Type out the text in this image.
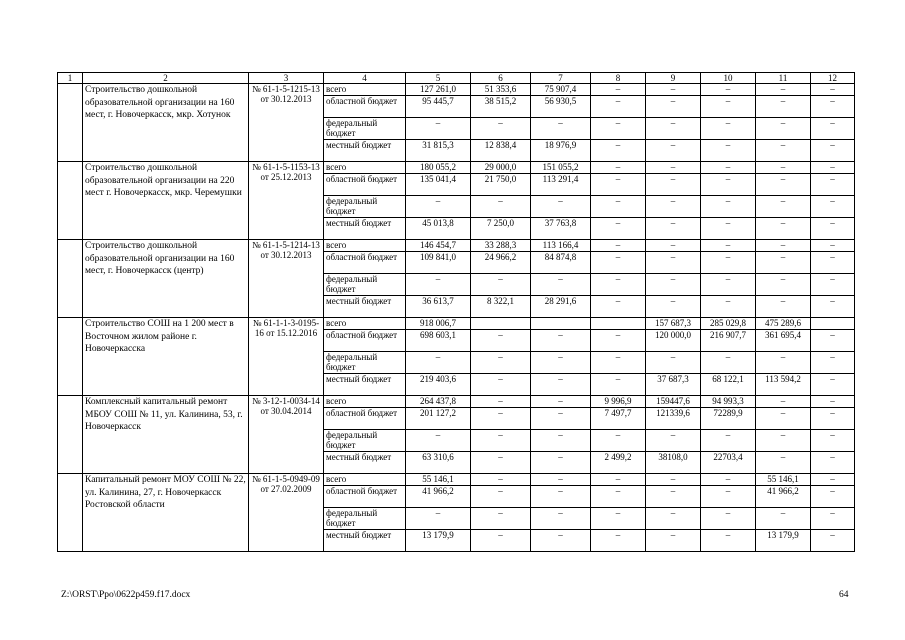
1	2	3	4	5	6	7	8	9	10	11	12
	Строительство дошкольной образовательной организации на 160 мест, г. Новочеркасск, мкр. Хотунок	№ 61-1-5-1215-13 от 30.12.2013	всего	127 261,0	51 353,6	75 907,4	–	–	–	–	–
			областной бюджет	95 445,7	38 515,2	56 930,5	–	–	–	–	–
			федеральный бюджет	–	–	–	–	–	–	–	–
			местный бюджет	31 815,3	12 838,4	18 976,9	–	–	–	–	–
	Строительство дошкольной образовательной организации на 220 мест г. Новочеркасск, мкр. Черемушки	№ 61-1-5-1153-13 от 25.12.2013	всего	180 055,2	29 000,0	151 055,2	–	–	–	–	–
			областной бюджет	135 041,4	21 750,0	113 291,4	–	–	–	–	–
			федеральный бюджет	–	–	–	–	–	–	–	–
			местный бюджет	45 013,8	7 250,0	37 763,8	–	–	–	–	–
	Строительство дошкольной образовательной организации на 160 мест, г. Новочеркасск (центр)	№ 61-1-5-1214-13 от 30.12.2013	всего	146 454,7	33 288,3	113 166,4	–	–	–	–	–
			областной бюджет	109 841,0	24 966,2	84 874,8	–	–	–	–	–
			федеральный бюджет	–	–	–	–	–	–	–	–
			местный бюджет	36 613,7	8 322,1	28 291,6	–	–	–	–	–
	Строительство СОШ на 1 200 мест в Восточном жилом районе г. Новочеркасска	№ 61-1-1-3-0195-16 от 15.12.2016	всего	918 006,7				157 687,3	285 029,8	475 289,6	
			областной бюджет	698 603,1	–	–	–	120 000,0	216 907,7	361 695,4	–
			федеральный бюджет	–	–	–	–	–	–	–	–
			местный бюджет	219 403,6	–	–	–	37 687,3	68 122,1	113 594,2	–
	Комплексный капитальный ремонт МБОУ СОШ № 11, ул. Калинина, 53, г. Новочеркасск	№ 3-12-1-0034-14 от 30.04.2014	всего	264 437,8	–	–	9 996,9	159447,6	94 993,3	–	–
			областной бюджет	201 127,2	–	–	7 497,7	121339,6	72289,9	–	–
			федеральный бюджет	–	–	–	–	–	–	–	–
			местный бюджет	63 310,6	–	–	2 499,2	38108,0	22703,4	–	–
	Капитальный ремонт МОУ СОШ № 22, ул. Калинина, 27, г. Новочеркасск Ростовской области	№ 61-1-5-0949-09 от 27.02.2009	всего	55 146,1	–	–	–	–	–	55 146,1	–
			областной бюджет	41 966,2	–	–	–	–	–	41 966,2	–
			федеральный бюджет	–	–	–	–	–	–	–	–
			местный бюджет	13 179,9	–	–	–	–	–	13 179,9	–
Z:\ORST\Ppo\0622p459.f17.docx	64
